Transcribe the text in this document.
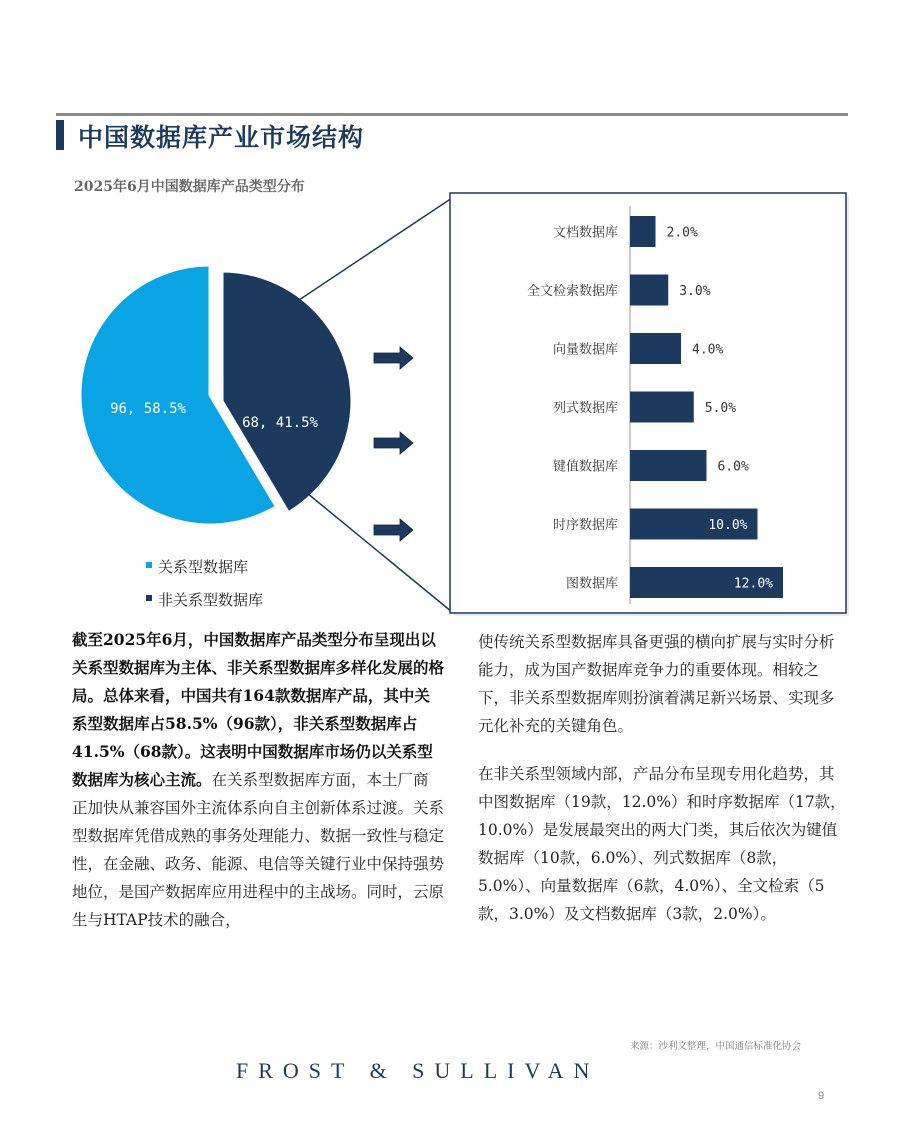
中国数据库产业市场结构
2025年6月中国数据库产品类型分布
96, 58.5%
68, 41.5%
文档数据库	2.0%
全文检索数据库	3.0%
向量数据库	4.0%
列式数据库	5.0%
键值数据库	6.0%
时序数据库	10.0%
图数据库	12.0%
关系型数据库
非关系型数据库

截至2025年6月，中国数据库产品类型分布呈现出以关系型数据库为主体、非关系型数据库多样化发展的格局。总体来看，中国共有164款数据库产品，其中关系型数据库占58.5%（96款），非关系型数据库占41.5%（68款）。这表明中国数据库市场仍以关系型数据库为核心主流。在关系型数据库方面，本土厂商正加快从兼容国外主流体系向自主创新体系过渡。关系型数据库凭借成熟的事务处理能力、数据一致性与稳定性，在金融、政务、能源、电信等关键行业中保持强势地位，是国产数据库应用进程中的主战场。同时，云原生与HTAP技术的融合，

使传统关系型数据库具备更强的横向扩展与实时分析能力，成为国产数据库竞争力的重要体现。相较之下，非关系型数据库则扮演着满足新兴场景、实现多元化补充的关键角色。

在非关系型领域内部，产品分布呈现专用化趋势，其中图数据库（19款，12.0%）和时序数据库（17款，10.0%）是发展最突出的两大门类，其后依次为键值数据库（10款，6.0%）、列式数据库（8款，5.0%）、向量数据库（6款，4.0%）、全文检索（5款，3.0%）及文档数据库（3款，2.0%）。

来源：沙利文整理，中国通信标准化协会
FROST & SULLIVAN
9
